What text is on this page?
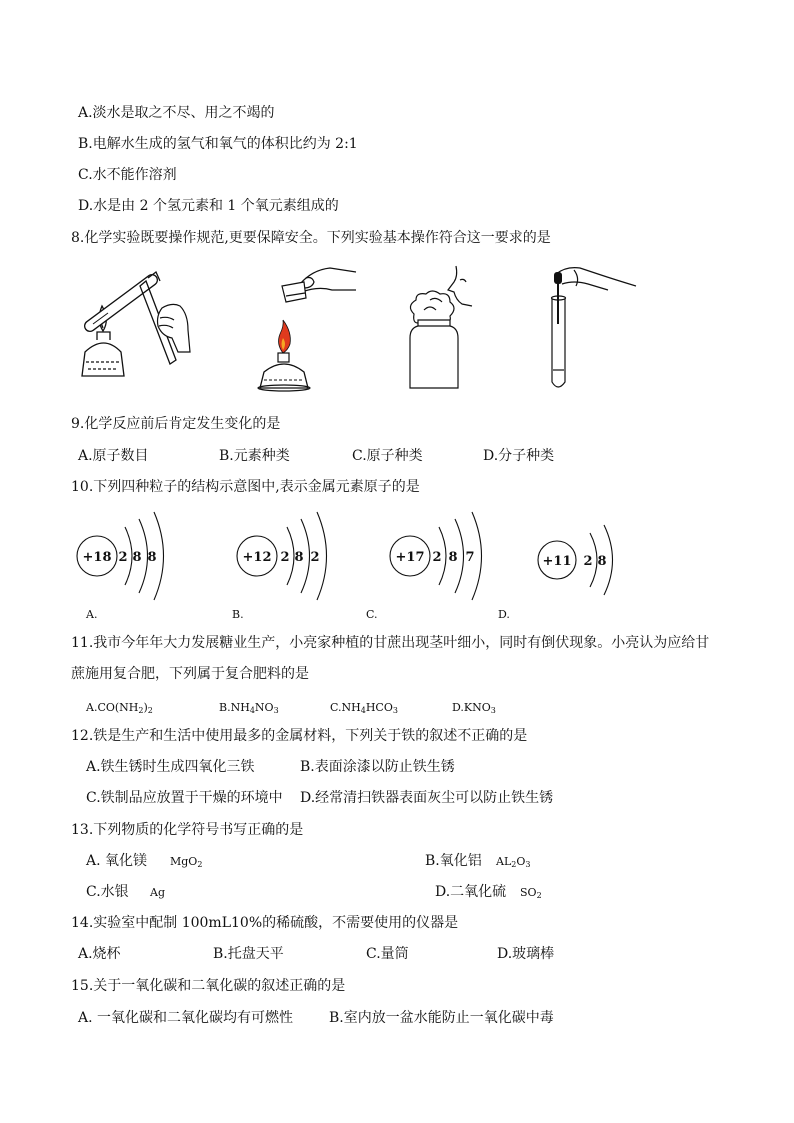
A.淡水是取之不尽、用之不竭的
B.电解水生成的氢气和氧气的体积比约为 2:1
C.水不能作溶剂
D.水是由 2 个氢元素和 1 个氧元素组成的
8.化学实验既要操作规范,更要保障安全。下列实验基本操作符合这一要求的是
9.化学反应前后肯定发生变化的是
A.原子数目	B.元素种类	C.原子种类	D.分子种类
10.下列四种粒子的结构示意图中,表示金属元素原子的是
+18 2 8 8	+12 2 8 2	+17 2 8 7	+11 2 8
A.	B.	C.	D.
11.我市今年年大力发展糖业生产，小亮家种植的甘蔗出现茎叶细小，同时有倒伏现象。小亮认为应给甘
蔗施用复合肥，下列属于复合肥料的是
$A.CO(NH_2)_2$	$B.NH_4NO_3$	$C.NH_4HCO_3$	$D.KNO_3$
12.铁是生产和生活中使用最多的金属材料，下列关于铁的叙述不正确的是
A.铁生锈时生成四氧化三铁	B.表面涂漆以防止铁生锈
C.铁制品应放置于干燥的环境中 D.经常清扫铁器表面灰尘可以防止铁生锈
13.下列物质的化学符号书写正确的是
A. 氧化镁 MgO$_2$	B.氧化铝 $AL_2O_3$
C.水银 Ag	D.二氧化硫 $SO_2$
14.实验室中配制 100mL10%的稀硫酸，不需要使用的仪器是
A.烧杯	B.托盘天平	C.量筒	D.玻璃棒
15.关于一氧化碳和二氧化碳的叙述正确的是
A. 一氧化碳和二氧化碳均有可燃性	B.室内放一盆水能防止一氧化碳中毒
